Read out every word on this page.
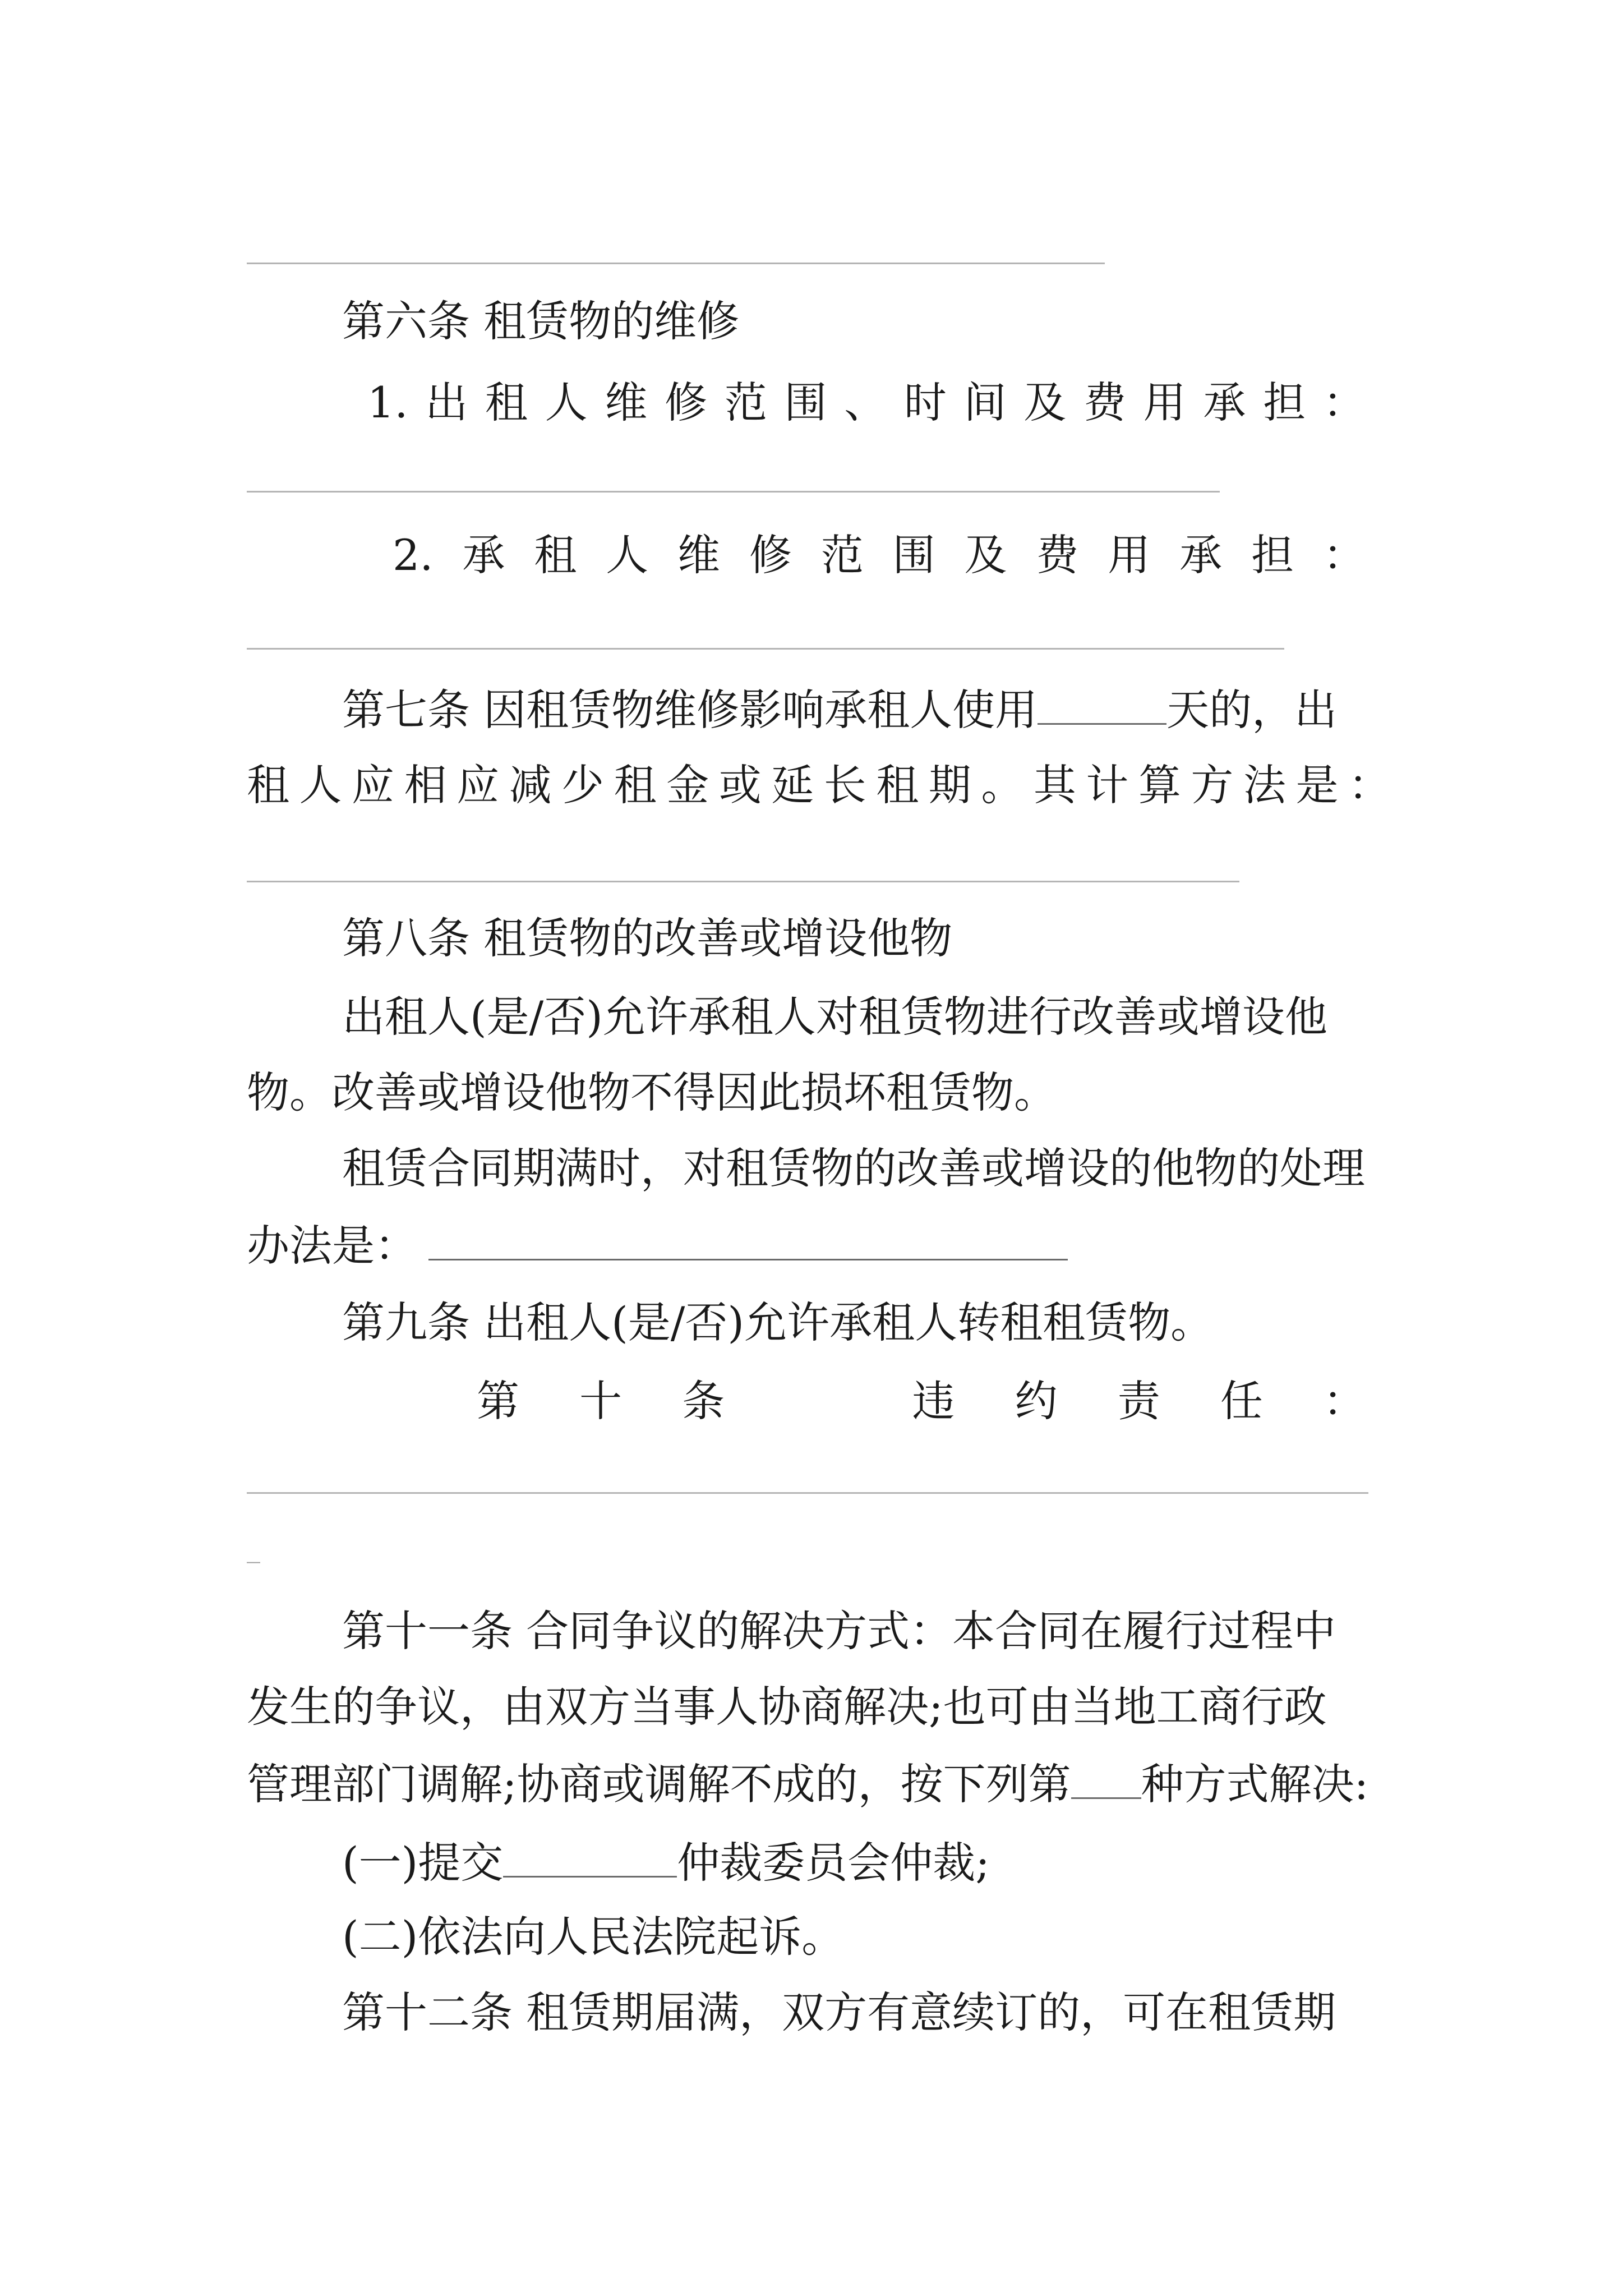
第六条 租赁物的维修
1. 出 租 人 维 修 范 围 、 时 间 及 费 用 承 担 ：
2. 承 租 人 维 修 范 围 及 费 用 承 担 ：
第七条 因租赁物维修影响承租人使用	天的，出
租人应相应减少租金或延长租期。其计算方法是：
第八条 租赁物的改善或增设他物
出租人(是/否)允许承租人对租赁物进行改善或增设他
物。改善或增设他物不得因此损坏租赁物。
租赁合同期满时，对租赁物的改善或增设的他物的处理
办法是：
第九条 出租人(是/否)允许承租人转租租赁物。
第 十 条	违 约 责 任 ：
_
第十一条 合同争议的解决方式：本合同在履行过程中
发生的争议，由双方当事人协商解决;也可由当地工商行政
管理部门调解;协商或调解不成的，按下列第 种方式解决:
(一)提交	仲裁委员会仲裁;
(二)依法向人民法院起诉。
第十二条 租赁期届满，双方有意续订的，可在租赁期
